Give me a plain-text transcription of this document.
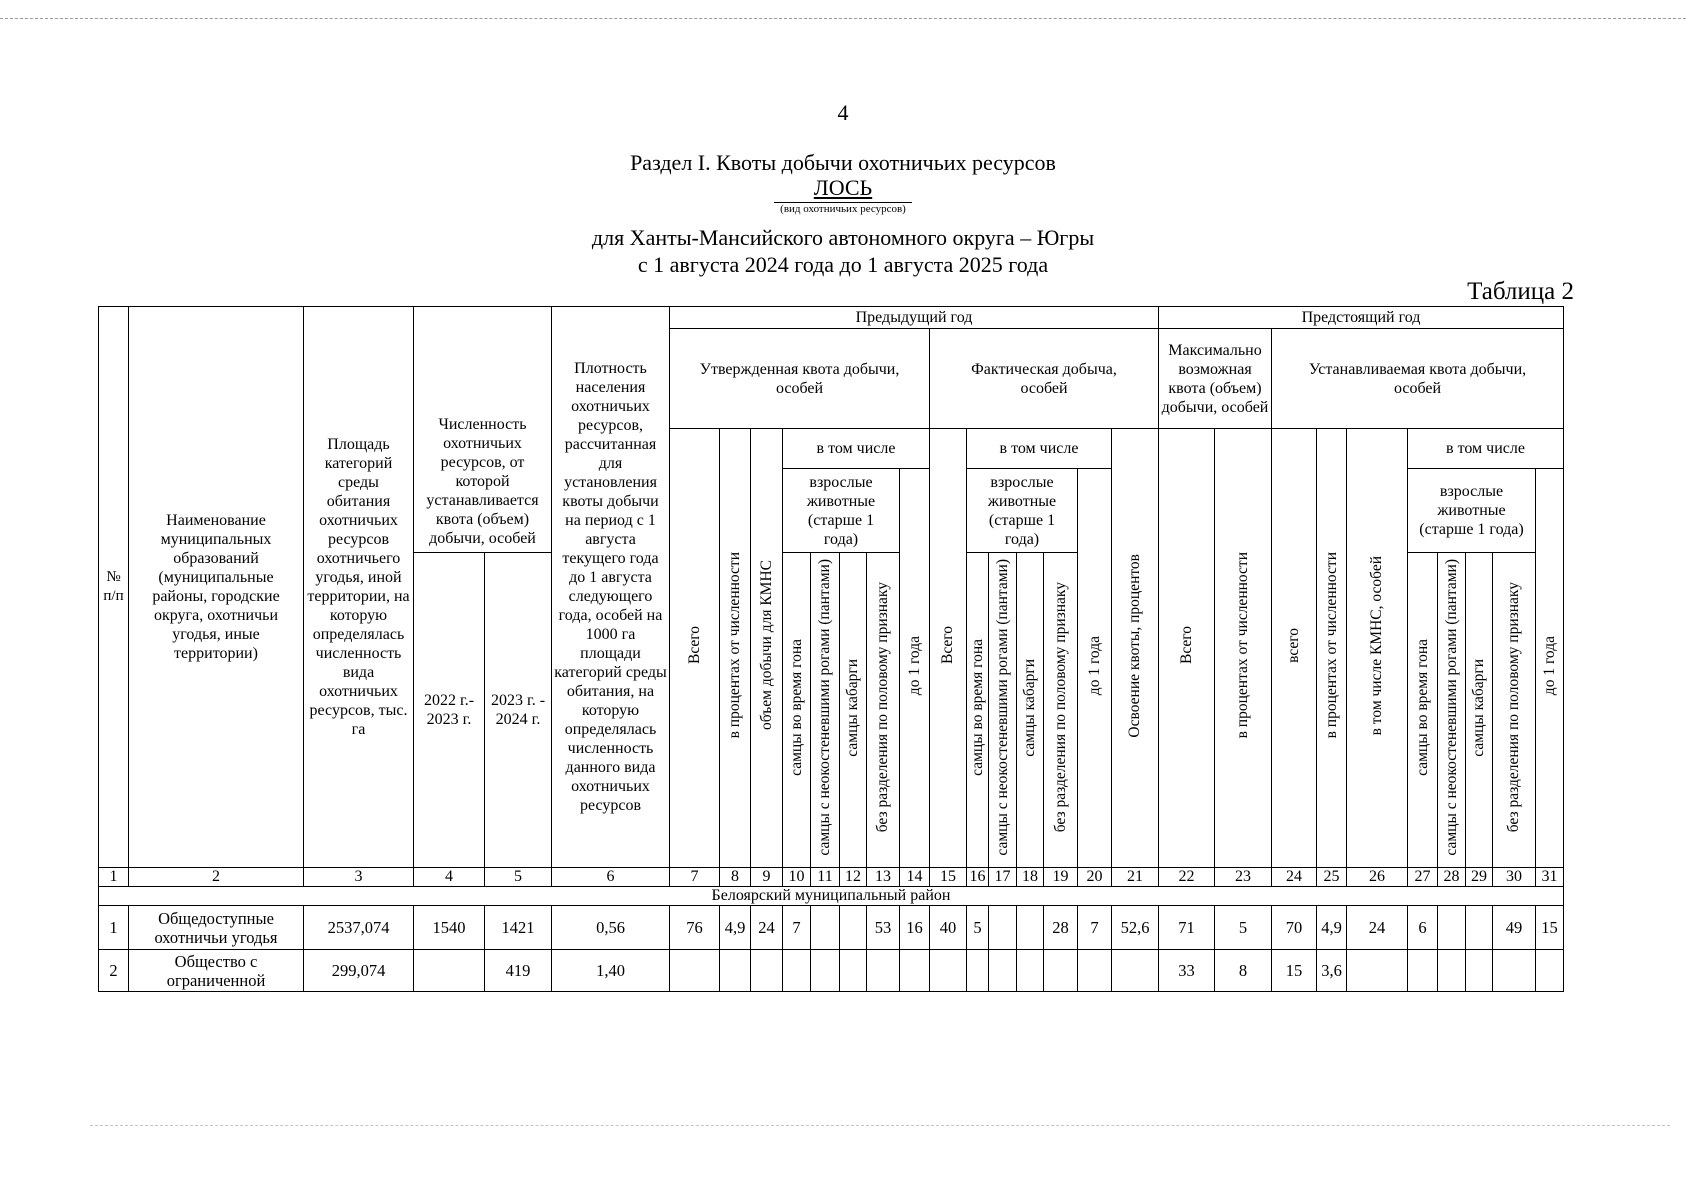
4
Раздел I. Квоты добычи охотничьих ресурсов
ЛОСЬ
(вид охотничьих ресурсов)
для Ханты-Мансийского автономного округа – Югры
с 1 августа 2024 года до 1 августа 2025 года
Таблица 2
№ п/п	Наименование муниципальных образований (муниципальные районы, городские округа, охотничьи угодья, иные территории)	Площадь категорий среды обитания охотничьих ресурсов охотничьего угодья, иной территории, на которую определялась численность вида охотничьих ресурсов, тыс. га	Численность охотничьих ресурсов, от которой устанавливается квота (объем) добычи, особей		Плотность населения охотничьих ресурсов, рассчитанная для установления квоты добычи на период с 1 августа текущего года до 1 августа следующего года, особей на 1000 га площади категорий среды обитания, на которую определялась численность данного вида охотничьих ресурсов	Предыдущий год															Предстоящий год									
						Утвержденная квота добычи, особей								Фактическая добыча, особей							Максимально возможная квота (объем) добычи, особей		Устанавливаемая квота добычи, особей							
						Всего	в процентах от численности	объем добычи для КМНС	в том числе					Всего	в том числе					Освоение квоты, процентов	Всего	в процентах от численности	всего	в процентах от численности	в том числе КМНС, особей	в том числе				
									взрослые животные (старше 1 года)				до 1 года		взрослые животные (старше 1 года)				до 1 года							взрослые животные (старше 1 года)				до 1 года
			2022 г.- 2023 г.	2023 г. - 2024 г.					самцы во время гона	самцы с неокостеневшими рогами (пантами)	самцы кабарги	без разделения по половому признаку			самцы во время гона	самцы с неокостеневшими рогами (пантами)	самцы кабарги	без разделения по половому признаку								самцы во время гона	самцы с неокостеневшими рогами (пантами)	самцы кабарги	без разделения по половому признаку	

1	2	3	4	5	6	7	8	9	10	11	12	13	14	15	16	17	18	19	20	21	22	23	24	25	26	27	28	29	30	31
Белоярский муниципальный район																														
1	Общедоступные охотничьи угодья	2537,074	1540	1421	0,56	76	4,9	24	7			53	16	40	5			28	7	52,6	71	5	70	4,9	24	6			49	15
2	Общество с ограниченной	299,074		419	1,40																33	8	15	3,6						
